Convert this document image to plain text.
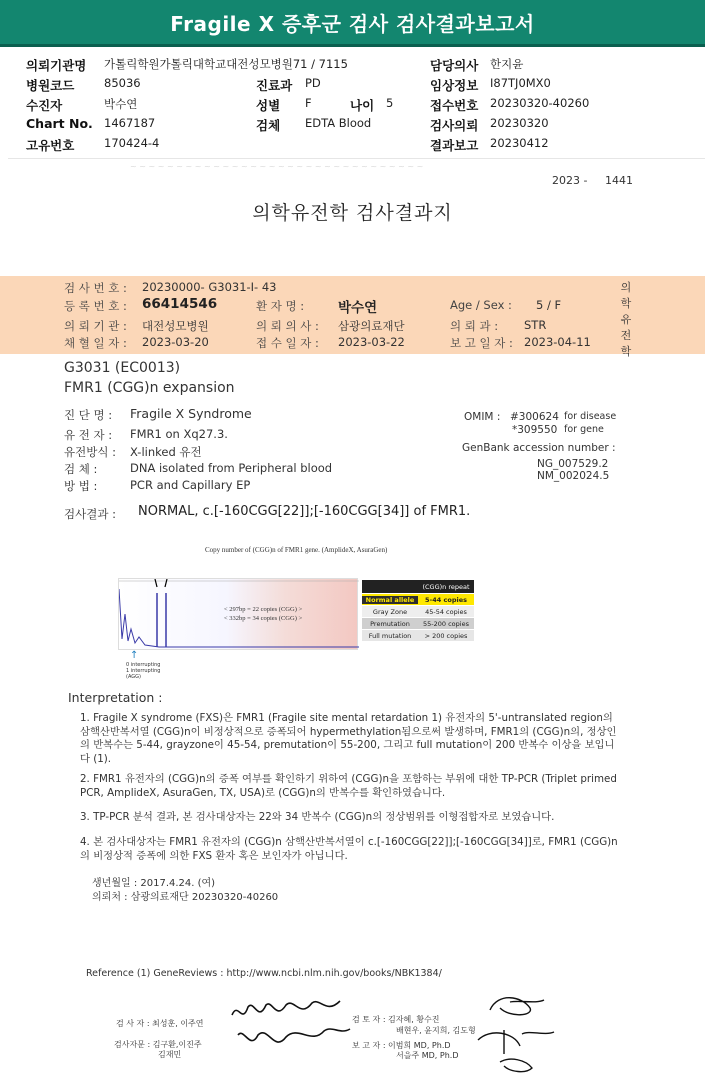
Fragile X 증후군 검사 검사결과보고서
의뢰기관명 가톨릭학원가톨릭대학교대전성모병원71 / 7115	담당의사 한지윤
병원코드	85036	진료과 PD	임상정보 I87TJ0MX0
수진자	박수연	성별 F	나이 5	접수번호 20230320-40260
Chart No. 1467187	검체 EDTA Blood	검사의뢰 20230320
고유번호	170424-4	결과보고 20230412
~ ~ ~ ~ ~ ~ ~ ~ ~ ~ ~ ~ ~ ~ ~ ~ ~ ~ ~ ~ ~ ~ ~ ~ ~ ~ ~ ~ ~ ~ ~ ~
2023 - 1441
의학유전학 검사결과지
검 사 번 호 : 20230000- G3031-I- 43
등 록 번 호 : 66414546	환 자 명 :	박수연	Age / Sex : 5 / F
의 뢰 기 관 : 대전성모병원	의 뢰 의 사 : 삼광의료재단	의 뢰 과 : STR
채 혈 일 자 : 2023-03-20	접 수 일 자 : 2023-03-22	보 고 일 자 : 2023-04-11
의
학
유
전
학
G3031 (EC0013)
FMR1 (CGG)n expansion
진 단 명 : Fragile X Syndrome
유 전 자 : FMR1 on Xq27.3.
유전방식 : X-linked 유전
검 체 :	DNA isolated from Peripheral blood
방 법 :	PCR and Capillary EP
OMIM : #300624 for disease
*309550 for gene
GenBank accession number :
NG_007529.2
NM_002024.5
검사결과 : NORMAL, c.[-160CGG[22]];[-160CGG[34]] of FMR1.
Copy number of (CGG)n of FMR1 gene. (AmplideX, AsuraGen)
< 297bp = 22 copies (CGG) >
< 332bp = 34 copies (CGG) >
↑
0 interrupting
1 interrupting
(AGG)
(CGG)n repeat
Normal allele	5-44 copies
Gray Zone	45-54 copies
Premutation	55-200 copies
Full mutation	> 200 copies
Interpretation :
1. Fragile X syndrome (FXS)은 FMR1 (Fragile site mental retardation 1) 유전자의 5'-untranslated region의 삼핵산반복서열 (CGG)n이 비정상적으로 증폭되어 hypermethylation됨으로써 발생하며, FMR1의 (CGG)n의, 정상인의 반복수는 5-44, grayzone이 45-54, premutation이 55-200, 그리고 full mutation이 200 반복수 이상을 보입니다 (1).
2. FMR1 유전자의 (CGG)n의 증폭 여부를 확인하기 위하여 (CGG)n을 포함하는 부위에 대한 TP-PCR (Triplet primed PCR, AmplideX, AsuraGen, TX, USA)로 (CGG)n의 반복수를 확인하였습니다.
3. TP-PCR 분석 결과, 본 검사대상자는 22와 34 반복수 (CGG)n의 정상범위를 이형접합자로 보였습니다.
4. 본 검사대상자는 FMR1 유전자의 (CGG)n 삼핵산반복서열이 c.[-160CGG[22]];[-160CGG[34]]로, FMR1 (CGG)n의 비정상적 증폭에 의한 FXS 환자 혹은 보인자가 아닙니다.
생년월일 : 2017.4.24. (여)
의뢰처 : 삼광의료재단 20230320-40260
Reference (1) GeneReviews : http://www.ncbi.nlm.nih.gov/books/NBK1384/
검 사 자 : 최성훈, 이주연
검사자문 : 김구환,이진주
김재민
검 토 자 : 김자혜, 황수진
배현우, 윤지희, 김도형
보 고 자 : 이범희 MD, Ph.D
서을주 MD, Ph.D
